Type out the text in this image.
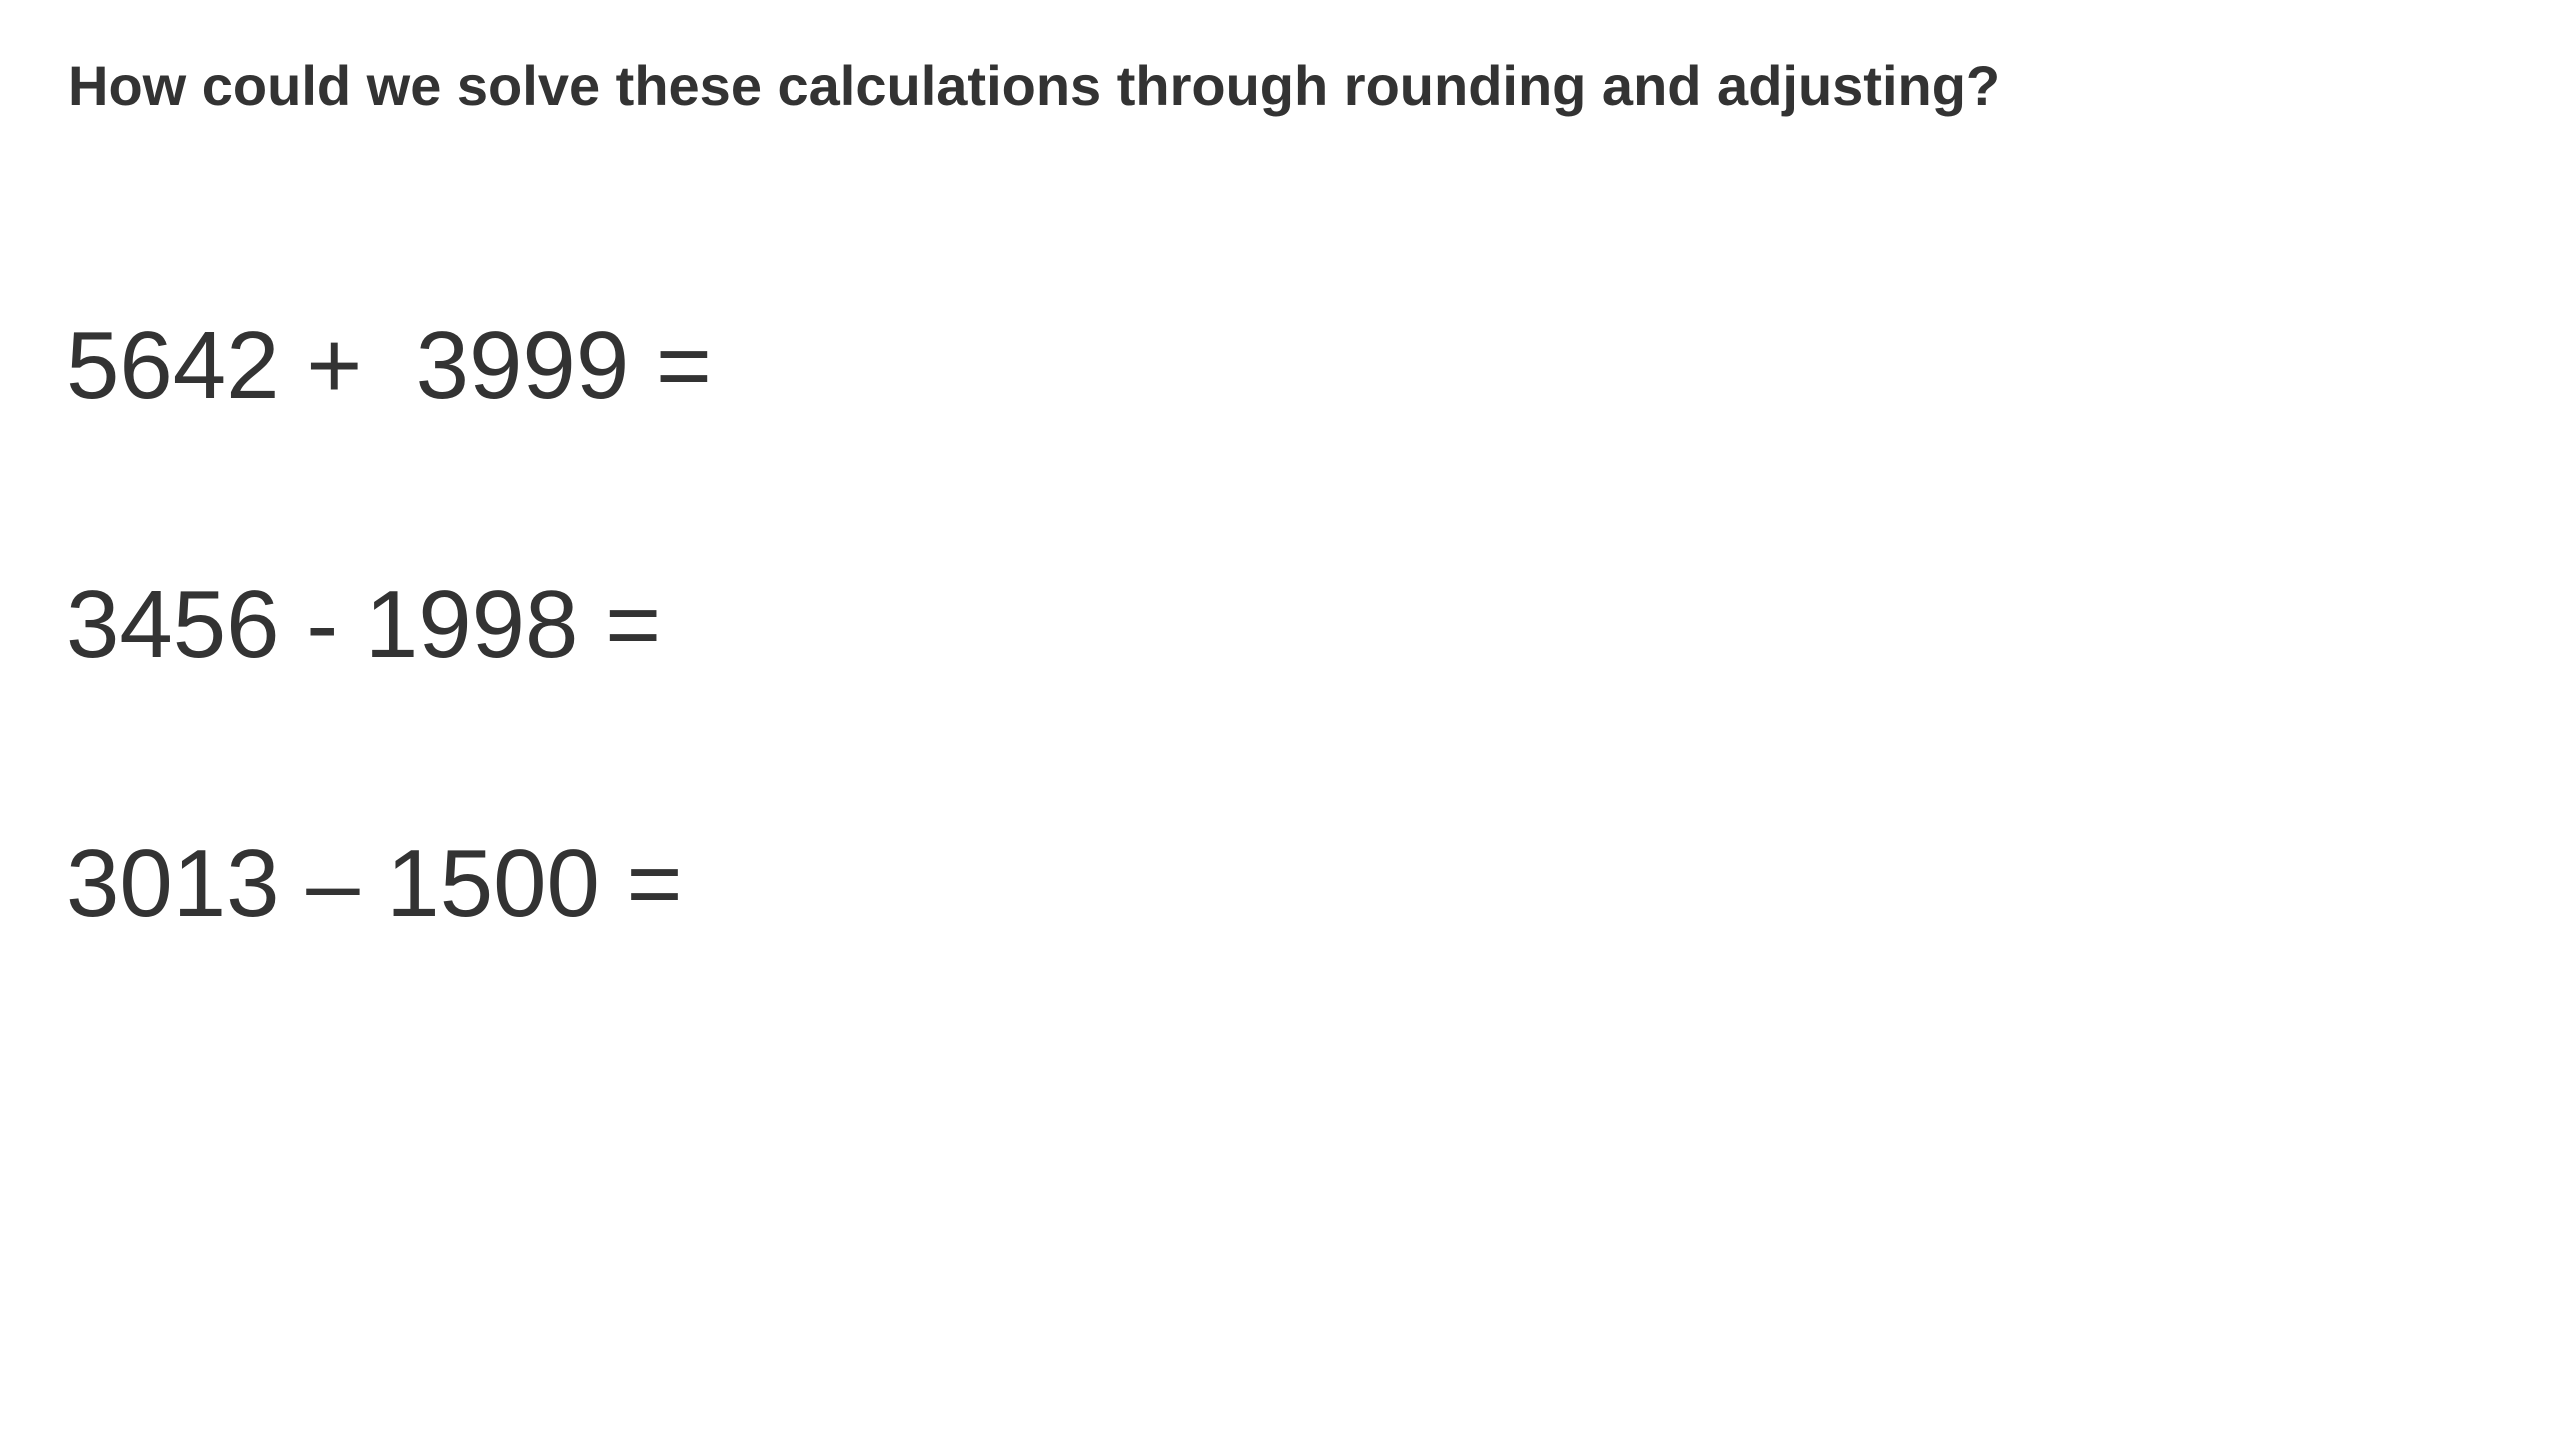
How could we solve these calculations through rounding and adjusting?
5642 +  3999 =
3456 - 1998 =
3013 – 1500 =
